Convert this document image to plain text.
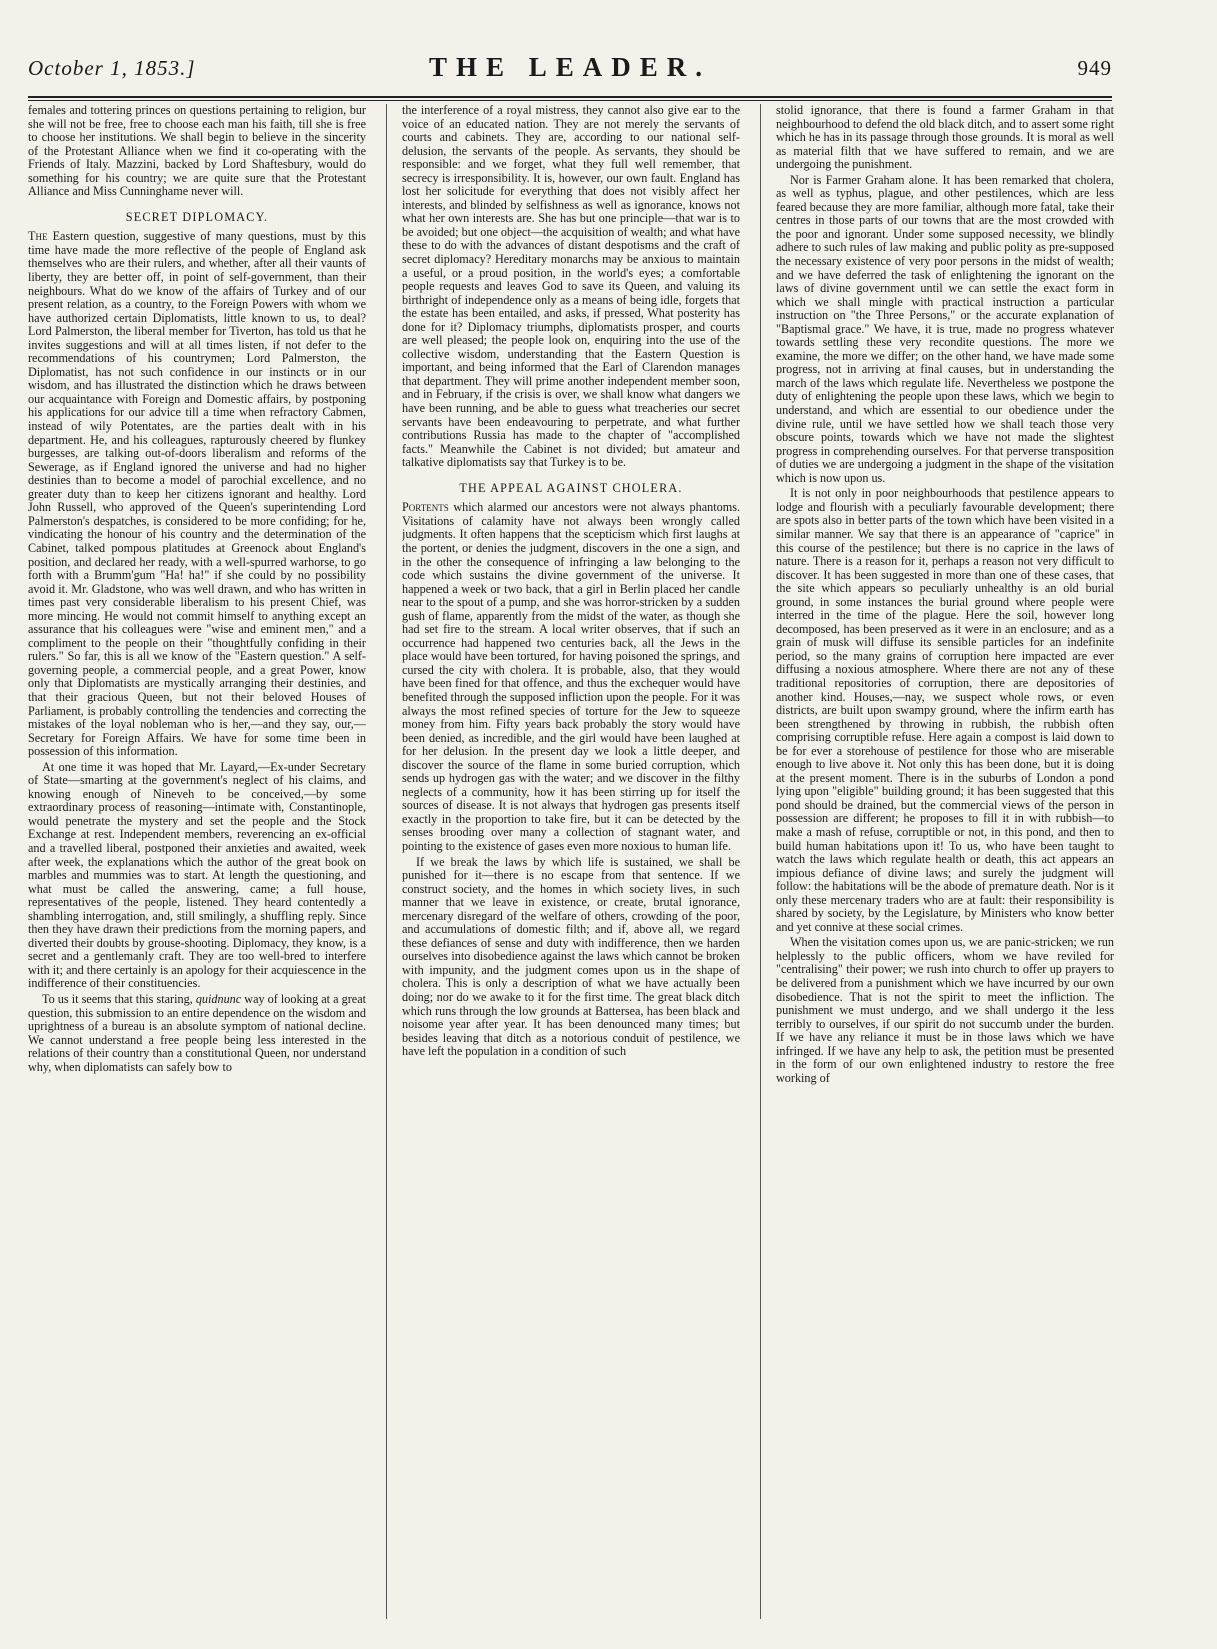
October 1, 1853.]	THE LEADER.	949

females and tottering princes on questions pertaining to religion, bur she will not be free, free to choose each man his faith, till she is free to choose her institutions. We shall begin to believe in the sincerity of the Protestant Alliance when we find it co-operating with the Friends of Italy. Mazzini, backed by Lord Shaftesbury, would do something for his country; we are quite sure that the Protestant Alliance and Miss Cunninghame never will.

SECRET DIPLOMACY.

The Eastern question, suggestive of many questions, must by this time have made the more reflective of the people of England ask themselves who are their rulers, and whether, after all their vaunts of liberty, they are better off, in point of self-government, than their neighbours. What do we know of the affairs of Turkey and of our present relation, as a country, to the Foreign Powers with whom we have authorized certain Diplomatists, little known to us, to deal? Lord Palmerston, the liberal member for Tiverton, has told us that he invites suggestions and will at all times listen, if not defer to the recommendations of his countrymen; Lord Palmerston, the Diplomatist, has not such confidence in our instincts or in our wisdom, and has illustrated the distinction which he draws between our acquaintance with Foreign and Domestic affairs, by postponing his applications for our advice till a time when refractory Cabmen, instead of wily Potentates, are the parties dealt with in his department. He, and his colleagues, rapturously cheered by flunkey burgesses, are talking out-of-doors liberalism and reforms of the Sewerage, as if England ignored the universe and had no higher destinies than to become a model of parochial excellence, and no greater duty than to keep her citizens ignorant and healthy. Lord John Russell, who approved of the Queen's superintending Lord Palmerston's despatches, is considered to be more confiding; for he, vindicating the honour of his country and the determination of the Cabinet, talked pompous platitudes at Greenock about England's position, and declared her ready, with a well-spurred warhorse, to go forth with a Brumm'gum "Ha! ha!" if she could by no possibility avoid it. Mr. Gladstone, who was well drawn, and who has written in times past very considerable liberalism to his present Chief, was more mincing. He would not commit himself to anything except an assurance that his colleagues were "wise and eminent men," and a compliment to the people on their "thoughtfully confiding in their rulers." So far, this is all we know of the "Eastern question." A self-governing people, a commercial people, and a great Power, know only that Diplomatists are mystically arranging their destinies, and that their gracious Queen, but not their beloved Houses of Parliament, is probably controlling the tendencies and correcting the mistakes of the loyal nobleman who is her,—and they say, our,—Secretary for Foreign Affairs. We have for some time been in possession of this information.

At one time it was hoped that Mr. Layard,—Ex-under Secretary of State—smarting at the government's neglect of his claims, and knowing enough of Nineveh to be conceived,—by some extraordinary process of reasoning—intimate with, Constantinople, would penetrate the mystery and set the people and the Stock Exchange at rest. Independent members, reverencing an ex-official and a travelled liberal, postponed their anxieties and awaited, week after week, the explanations which the author of the great book on marbles and mummies was to start. At length the questioning, and what must be called the answering, came; a full house, representatives of the people, listened. They heard contentedly a shambling interrogation, and, still smilingly, a shuffling reply. Since then they have drawn their predictions from the morning papers, and diverted their doubts by grouse-shooting. Diplomacy, they know, is a secret and a gentlemanly craft. They are too well-bred to interfere with it; and there certainly is an apology for their acquiescence in the indifference of their constituencies.

To us it seems that this staring, quidnunc way of looking at a great question, this submission to an entire dependence on the wisdom and uprightness of a bureau is an absolute symptom of national decline. We cannot understand a free people being less interested in the relations of their country than a constitutional Queen, nor understand why, when diplomatists can safely bow to

the interference of a royal mistress, they cannot also give ear to the voice of an educated nation. They are not merely the servants of courts and cabinets. They are, according to our national self-delusion, the servants of the people. As servants, they should be responsible: and we forget, what they full well remember, that secrecy is irresponsibility. It is, however, our own fault. England has lost her solicitude for everything that does not visibly affect her interests, and blinded by selfishness as well as ignorance, knows not what her own interests are. She has but one principle—that war is to be avoided; but one object—the acquisition of wealth; and what have these to do with the advances of distant despotisms and the craft of secret diplomacy? Hereditary monarchs may be anxious to maintain a useful, or a proud position, in the world's eyes; a comfortable people requests and leaves God to save its Queen, and valuing its birthright of independence only as a means of being idle, forgets that the estate has been entailed, and asks, if pressed, What posterity has done for it? Diplomacy triumphs, diplomatists prosper, and courts are well pleased; the people look on, enquiring into the use of the collective wisdom, understanding that the Eastern Question is important, and being informed that the Earl of Clarendon manages that department. They will prime another independent member soon, and in February, if the crisis is over, we shall know what dangers we have been running, and be able to guess what treacheries our secret servants have been endeavouring to perpetrate, and what further contributions Russia has made to the chapter of "accomplished facts." Meanwhile the Cabinet is not divided; but amateur and talkative diplomatists say that Turkey is to be.

THE APPEAL AGAINST CHOLERA.

Portents which alarmed our ancestors were not always phantoms. Visitations of calamity have not always been wrongly called judgments. It often happens that the scepticism which first laughs at the portent, or denies the judgment, discovers in the one a sign, and in the other the consequence of infringing a law belonging to the code which sustains the divine government of the universe. It happened a week or two back, that a girl in Berlin placed her candle near to the spout of a pump, and she was horror-stricken by a sudden gush of flame, apparently from the midst of the water, as though she had set fire to the stream. A local writer observes, that if such an occurrence had happened two centuries back, all the Jews in the place would have been tortured, for having poisoned the springs, and cursed the city with cholera. It is probable, also, that they would have been fined for that offence, and thus the exchequer would have benefited through the supposed infliction upon the people. For it was always the most refined species of torture for the Jew to squeeze money from him. Fifty years back probably the story would have been denied, as incredible, and the girl would have been laughed at for her delusion. In the present day we look a little deeper, and discover the source of the flame in some buried corruption, which sends up hydrogen gas with the water; and we discover in the filthy neglects of a community, how it has been stirring up for itself the sources of disease. It is not always that hydrogen gas presents itself exactly in the proportion to take fire, but it can be detected by the senses brooding over many a collection of stagnant water, and pointing to the existence of gases even more noxious to human life.

If we break the laws by which life is sustained, we shall be punished for it—there is no escape from that sentence. If we construct society, and the homes in which society lives, in such manner that we leave in existence, or create, brutal ignorance, mercenary disregard of the welfare of others, crowding of the poor, and accumulations of domestic filth; and if, above all, we regard these defiances of sense and duty with indifference, then we harden ourselves into disobedience against the laws which cannot be broken with impunity, and the judgment comes upon us in the shape of cholera. This is only a description of what we have actually been doing; nor do we awake to it for the first time. The great black ditch which runs through the low grounds at Battersea, has been black and noisome year after year. It has been denounced many times; but besides leaving that ditch as a notorious conduit of pestilence, we have left the population in a condition of such

stolid ignorance, that there is found a farmer Graham in that neighbourhood to defend the old black ditch, and to assert some right which he has in its passage through those grounds. It is moral as well as material filth that we have suffered to remain, and we are undergoing the punishment.

Nor is Farmer Graham alone. It has been remarked that cholera, as well as typhus, plague, and other pestilences, which are less feared because they are more familiar, although more fatal, take their centres in those parts of our towns that are the most crowded with the poor and ignorant. Under some supposed necessity, we blindly adhere to such rules of law making and public polity as pre-supposed the necessary existence of very poor persons in the midst of wealth; and we have deferred the task of enlightening the ignorant on the laws of divine government until we can settle the exact form in which we shall mingle with practical instruction a particular instruction on "the Three Persons," or the accurate explanation of "Baptismal grace." We have, it is true, made no progress whatever towards settling these very recondite questions. The more we examine, the more we differ; on the other hand, we have made some progress, not in arriving at final causes, but in understanding the march of the laws which regulate life. Nevertheless we postpone the duty of enlightening the people upon these laws, which we begin to understand, and which are essential to our obedience under the divine rule, until we have settled how we shall teach those very obscure points, towards which we have not made the slightest progress in comprehending ourselves. For that perverse transposition of duties we are undergoing a judgment in the shape of the visitation which is now upon us.

It is not only in poor neighbourhoods that pestilence appears to lodge and flourish with a peculiarly favourable development; there are spots also in better parts of the town which have been visited in a similar manner. We say that there is an appearance of "caprice" in this course of the pestilence; but there is no caprice in the laws of nature. There is a reason for it, perhaps a reason not very difficult to discover. It has been suggested in more than one of these cases, that the site which appears so peculiarly unhealthy is an old burial ground, in some instances the burial ground where people were interred in the time of the plague. Here the soil, however long decomposed, has been preserved as it were in an enclosure; and as a grain of musk will diffuse its sensible particles for an indefinite period, so the many grains of corruption here impacted are ever diffusing a noxious atmosphere. Where there are not any of these traditional repositories of corruption, there are depositories of another kind. Houses,—nay, we suspect whole rows, or even districts, are built upon swampy ground, where the infirm earth has been strengthened by throwing in rubbish, the rubbish often comprising corruptible refuse. Here again a compost is laid down to be for ever a storehouse of pestilence for those who are miserable enough to live above it. Not only this has been done, but it is doing at the present moment. There is in the suburbs of London a pond lying upon "eligible" building ground; it has been suggested that this pond should be drained, but the commercial views of the person in possession are different; he proposes to fill it in with rubbish—to make a mash of refuse, corruptible or not, in this pond, and then to build human habitations upon it! To us, who have been taught to watch the laws which regulate health or death, this act appears an impious defiance of divine laws; and surely the judgment will follow: the habitations will be the abode of premature death. Nor is it only these mercenary traders who are at fault: their responsibility is shared by society, by the Legislature, by Ministers who know better and yet connive at these social crimes.

When the visitation comes upon us, we are panic-stricken; we run helplessly to the public officers, whom we have reviled for "centralising" their power; we rush into church to offer up prayers to be delivered from a punishment which we have incurred by our own disobedience. That is not the spirit to meet the infliction. The punishment we must undergo, and we shall undergo it the less terribly to ourselves, if our spirit do not succumb under the burden. If we have any reliance it must be in those laws which we have infringed. If we have any help to ask, the petition must be presented in the form of our own enlightened industry to restore the free working of
